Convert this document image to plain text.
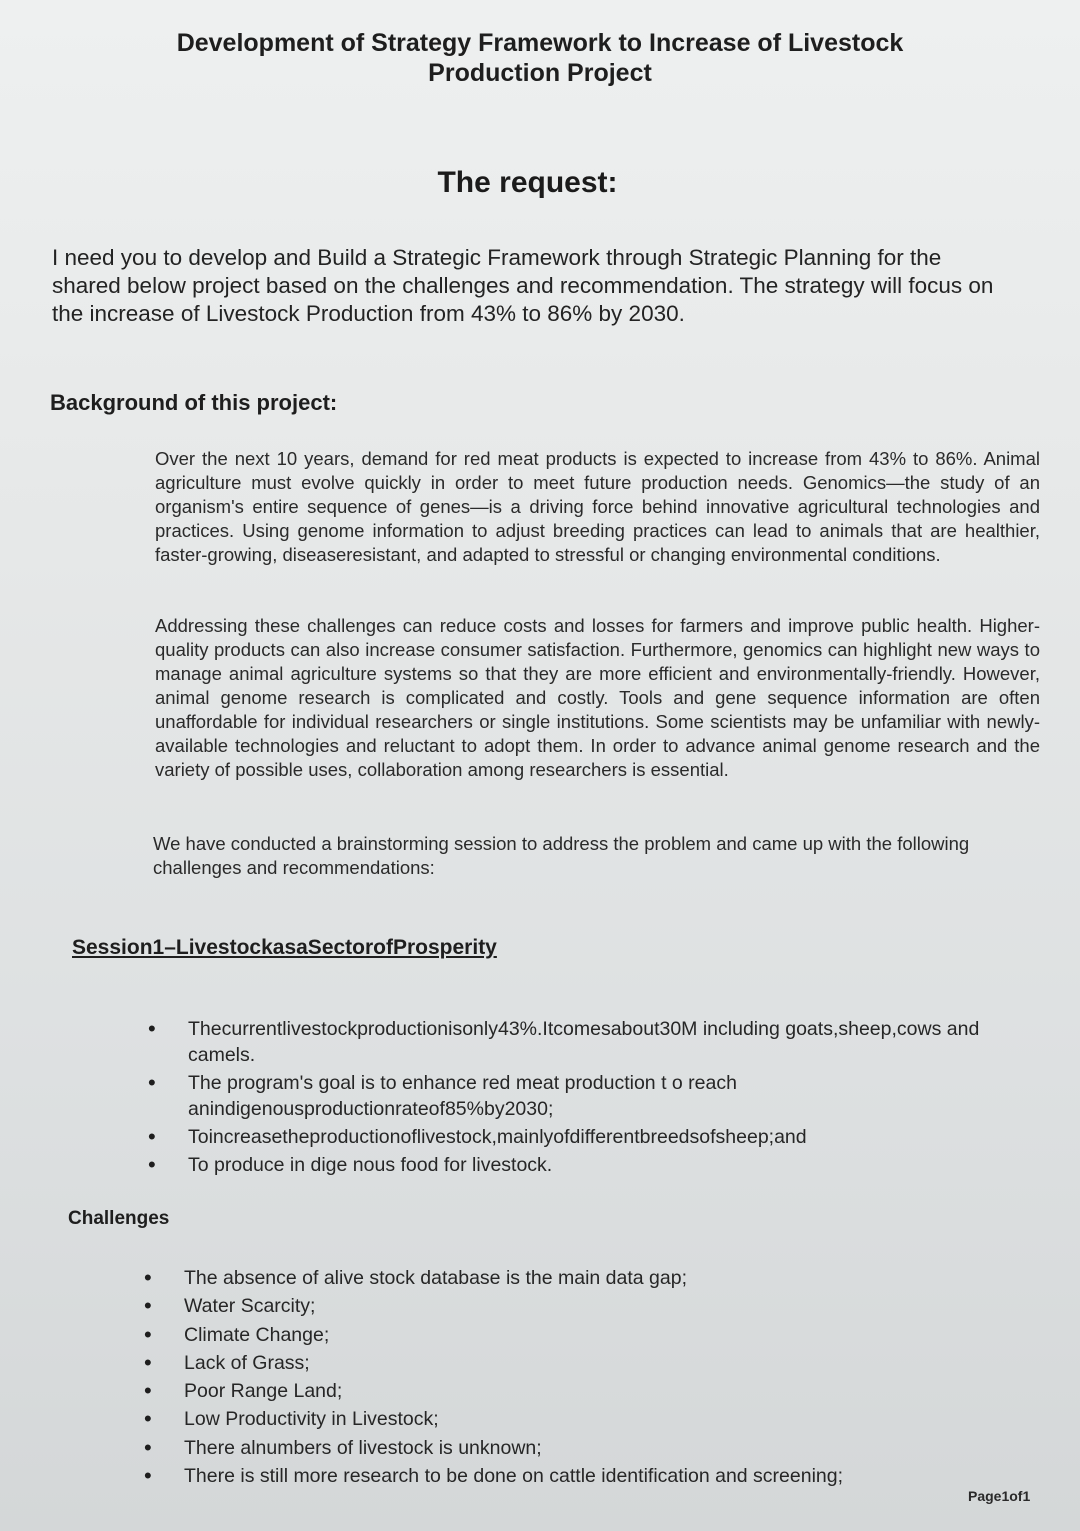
Development of Strategy Framework to Increase of Livestock
Production Project
The request:
I need you to develop and Build a Strategic Framework through Strategic Planning for the shared below project based on the challenges and recommendation. The strategy will focus on the increase of Livestock Production from 43% to 86% by 2030.
Background of this project:

Over the next 10 years, demand for red meat products is expected to increase from 43% to 86%. Animal agriculture must evolve quickly in order to meet future production needs. Genomics—the study of an organism's entire sequence of genes—is a driving force behind innovative agricultural technologies and practices. Using genome information to adjust breeding practices can lead to animals that are healthier, faster-growing, diseaseresistant, and adapted to stressful or changing environmental conditions.

Addressing these challenges can reduce costs and losses for farmers and improve public health. Higher-quality products can also increase consumer satisfaction. Furthermore, genomics can highlight new ways to manage animal agriculture systems so that they are more efficient and environmentally-friendly. However, animal genome research is complicated and costly. Tools and gene sequence information are often unaffordable for individual researchers or single institutions. Some scientists may be unfamiliar with newly-available technologies and reluctant to adopt them. In order to advance animal genome research and the variety of possible uses, collaboration among researchers is essential.

We have conducted a brainstorming session to address the problem and came up with the following challenges and recommendations:

Session1–LivestockasaSectorofProsperity
• Thecurrentlivestockproductionisonly43%.Itcomesabout30M including goats,sheep,cows and camels.
• The program's goal is to enhance red meat production t o reach anindigenousproductionrateof85%by2030;
• Toincreasetheproductionoflivestock,mainlyofdifferentbreedsofsheep;and
• To produce in dige nous food for livestock.
Challenges
• The absence of alive stock database is the main data gap;
• Water Scarcity;
• Climate Change;
• Lack of Grass;
• Poor Range Land;
• Low Productivity in Livestock;
• There alnumbers of livestock is unknown;
• There is still more research to be done on cattle identification and screening;
Page1of1
